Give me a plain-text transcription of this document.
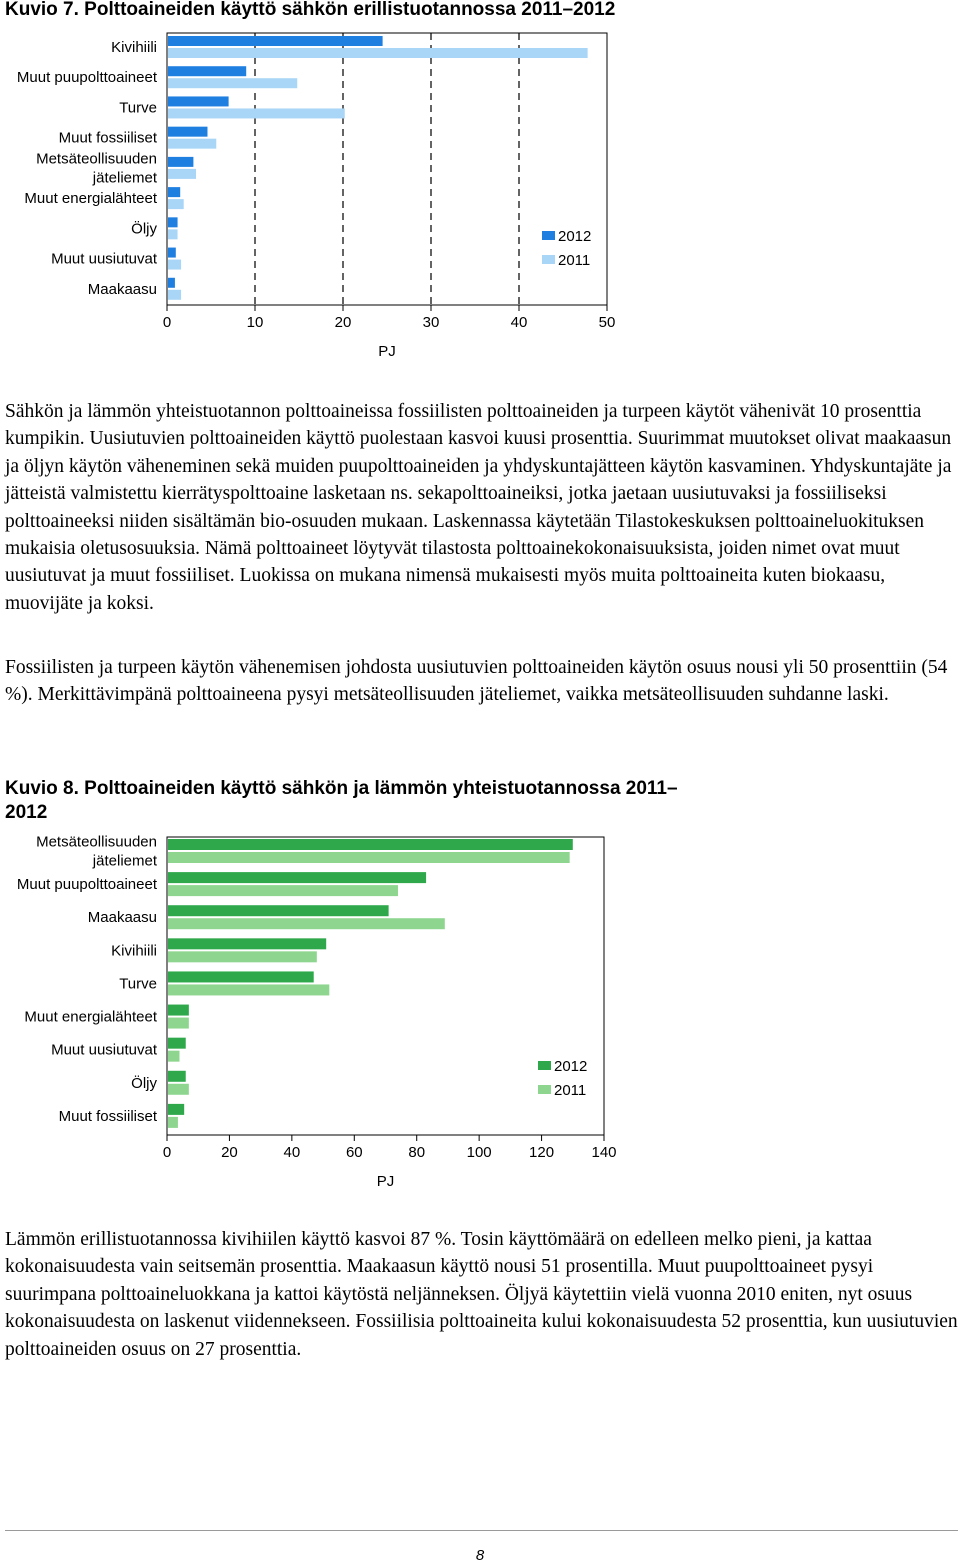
Kuvio 7. Polttoaineiden käyttö sähkön erillistuotannossa 2011–2012
Kivihiili
Muut puupolttoaineet
Turve
Muut fossiiliset
Metsäteollisuuden
jäteliemet
Muut energialähteet
Öljy
Muut uusiutuvat
Maakaasu
0	10	20	30	40	50
PJ
2012
2011

Sähkön ja lämmön yhteistuotannon polttoaineissa fossiilisten polttoaineiden ja turpeen käytöt vähenivät 10 prosenttia kumpikin. Uusiutuvien polttoaineiden käyttö puolestaan kasvoi kuusi prosenttia. Suurimmat muutokset olivat maakaasun ja öljyn käytön väheneminen sekä muiden puupolttoaineiden ja yhdyskuntajätteen käytön kasvaminen. Yhdyskuntajäte ja jätteistä valmistettu kierrätyspolttoaine lasketaan ns. sekapolttoaineiksi, jotka jaetaan uusiutuvaksi ja fossiiliseksi polttoaineeksi niiden sisältämän bio-osuuden mukaan. Laskennassa käytetään Tilastokeskuksen polttoaineluokituksen mukaisia oletusosuuksia. Nämä polttoaineet löytyvät tilastosta polttoainekokonaisuuksista, joiden nimet ovat muut uusiutuvat ja muut fossiiliset. Luokissa on mukana nimensä mukaisesti myös muita polttoaineita kuten biokaasu, muovijäte ja koksi.

Fossiilisten ja turpeen käytön vähenemisen johdosta uusiutuvien polttoaineiden käytön osuus nousi yli 50 prosenttiin (54 %). Merkittävimpänä polttoaineena pysyi metsäteollisuuden jäteliemet, vaikka metsäteollisuuden suhdanne laski.

Kuvio 8. Polttoaineiden käyttö sähkön ja lämmön yhteistuotannossa 2011–2012
Metsäteollisuuden
jäteliemet
Muut puupolttoaineet
Maakaasu
Kivihiili
Turve
Muut energialähteet
Muut uusiutuvat
Öljy
Muut fossiiliset
0	20	40	60	80	100 120 140
PJ
2012
2011

Lämmön erillistuotannossa kivihiilen käyttö kasvoi 87 %. Tosin käyttömäärä on edelleen melko pieni, ja kattaa kokonaisuudesta vain seitsemän prosenttia. Maakaasun käyttö nousi 51 prosentilla. Muut puupolttoaineet pysyi suurimpana polttoaineluokkana ja kattoi käytöstä neljänneksen. Öljyä käytettiin vielä vuonna 2010 eniten, nyt osuus kokonaisuudesta on laskenut viidennekseen. Fossiilisia polttoaineita kului kokonaisuudesta 52 prosenttia, kun uusiutuvien polttoaineiden osuus on 27 prosenttia.

8
